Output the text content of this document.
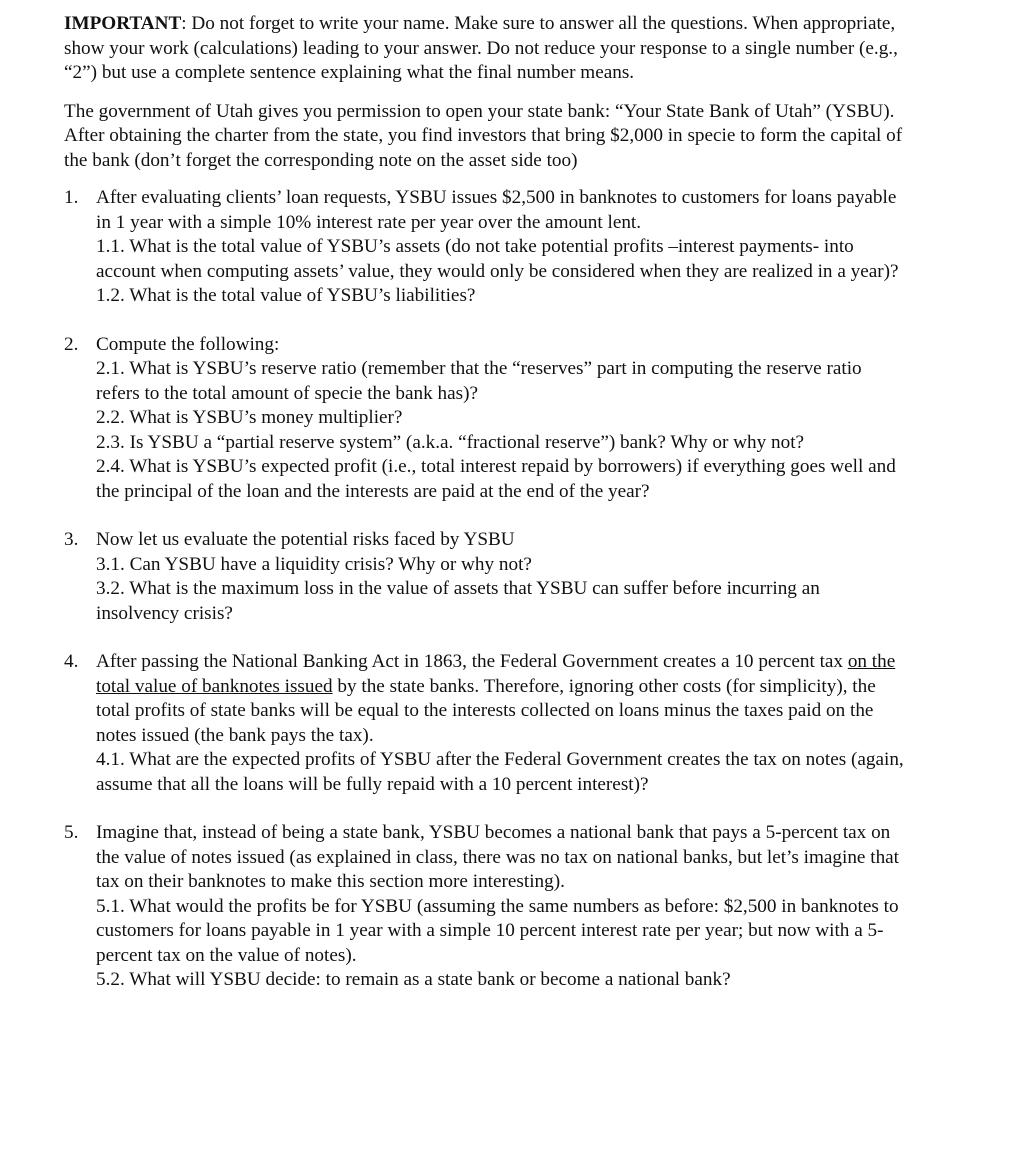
IMPORTANT: Do not forget to write your name. Make sure to answer all the questions. When appropriate, show your work (calculations) leading to your answer. Do not reduce your response to a single number (e.g., “2”) but use a complete sentence explaining what the final number means.

The government of Utah gives you permission to open your state bank: “Your State Bank of Utah” (YSBU). After obtaining the charter from the state, you find investors that bring $2,000 in specie to form the capital of the bank (don’t forget the corresponding note on the asset side too)

1. After evaluating clients’ loan requests, YSBU issues $2,500 in banknotes to customers for loans payable in 1 year with a simple 10% interest rate per year over the amount lent.
1.1. What is the total value of YSBU’s assets (do not take potential profits –interest payments- into account when computing assets’ value, they would only be considered when they are realized in a year)?
1.2. What is the total value of YSBU’s liabilities?
2. Compute the following:
2.1. What is YSBU’s reserve ratio (remember that the “reserves” part in computing the reserve ratio refers to the total amount of specie the bank has)?
2.2. What is YSBU’s money multiplier?
2.3. Is YSBU a “partial reserve system” (a.k.a. “fractional reserve”) bank? Why or why not?
2.4. What is YSBU’s expected profit (i.e., total interest repaid by borrowers) if everything goes well and the principal of the loan and the interests are paid at the end of the year?
3. Now let us evaluate the potential risks faced by YSBU
3.1. Can YSBU have a liquidity crisis? Why or why not?
3.2. What is the maximum loss in the value of assets that YSBU can suffer before incurring an insolvency crisis?
4. After passing the National Banking Act in 1863, the Federal Government creates a 10 percent tax on the total value of banknotes issued by the state banks. Therefore, ignoring other costs (for simplicity), the total profits of state banks will be equal to the interests collected on loans minus the taxes paid on the notes issued (the bank pays the tax).
4.1. What are the expected profits of YSBU after the Federal Government creates the tax on notes (again, assume that all the loans will be fully repaid with a 10 percent interest)?
5. Imagine that, instead of being a state bank, YSBU becomes a national bank that pays a 5-percent tax on the value of notes issued (as explained in class, there was no tax on national banks, but let’s imagine that tax on their banknotes to make this section more interesting).
5.1. What would the profits be for YSBU (assuming the same numbers as before: $2,500 in banknotes to customers for loans payable in 1 year with a simple 10 percent interest rate per year; but now with a 5-percent tax on the value of notes).
5.2. What will YSBU decide: to remain as a state bank or become a national bank?
